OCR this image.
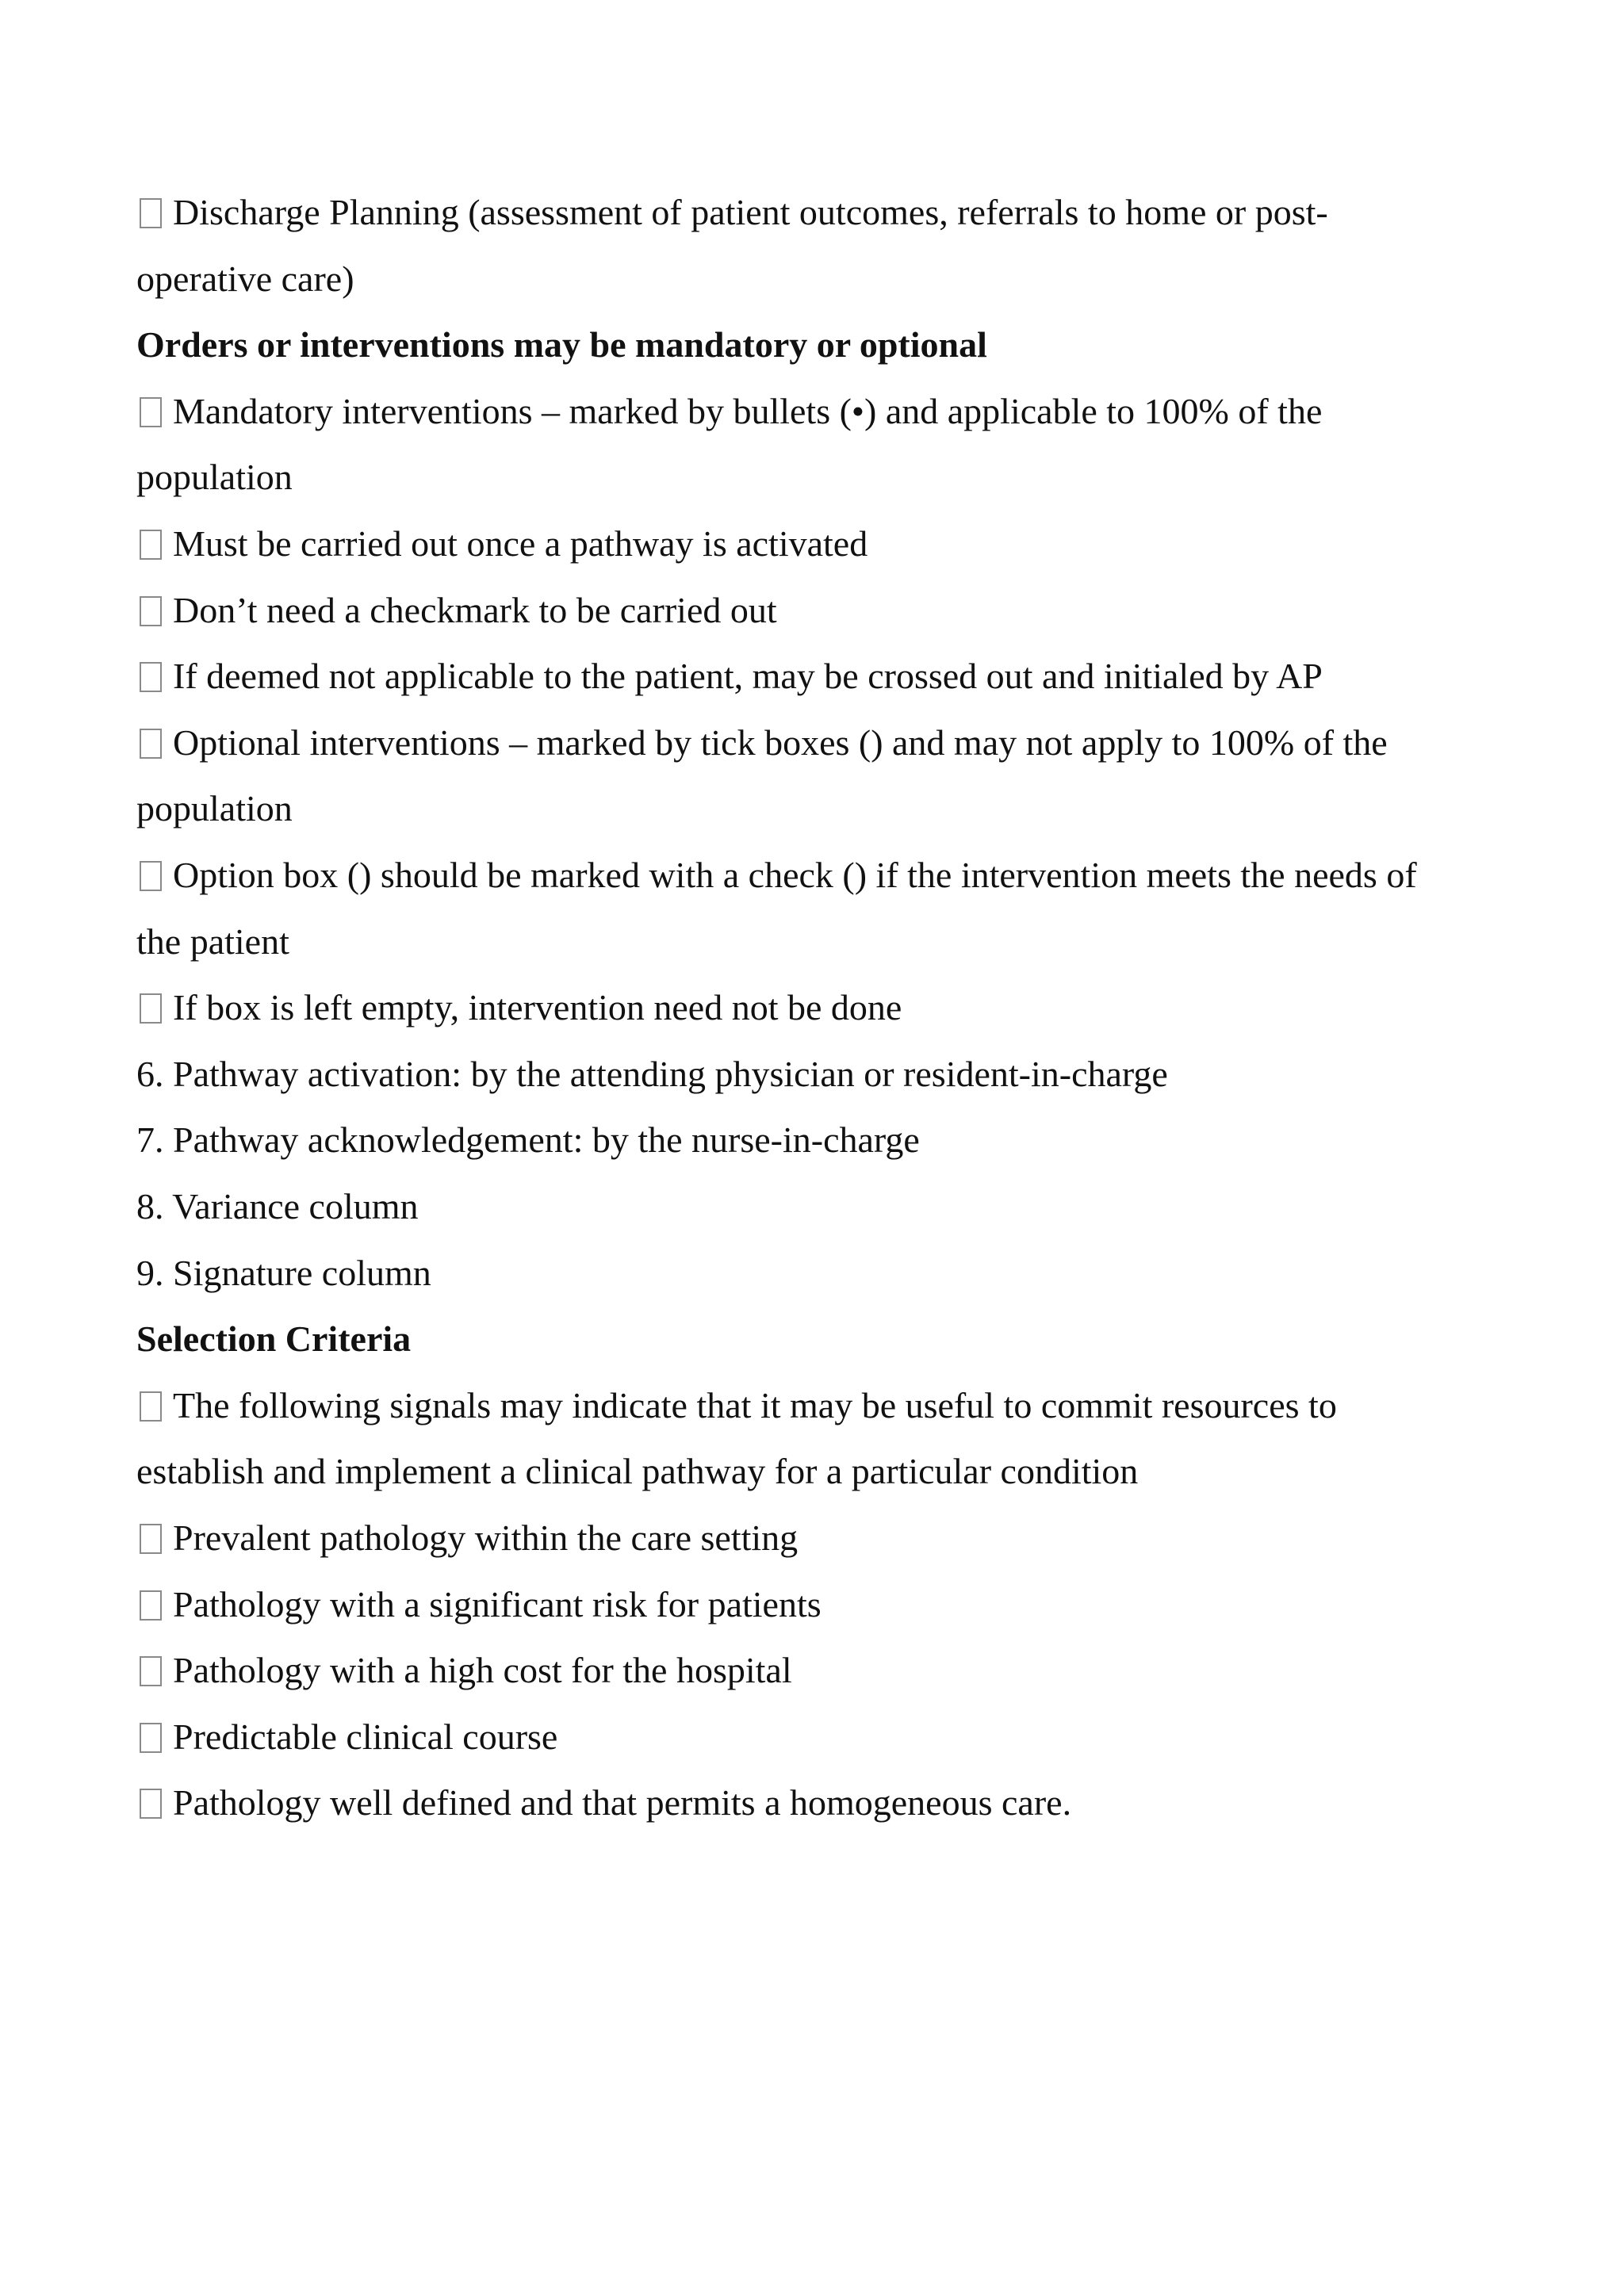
Discharge Planning (assessment of patient outcomes, referrals to home or post-
operative care)
Orders or interventions may be mandatory or optional
Mandatory interventions – marked by bullets (•) and applicable to 100% of the
population
Must be carried out once a pathway is activated
Don’t need a checkmark to be carried out
If deemed not applicable to the patient, may be crossed out and initialed by AP
Optional interventions – marked by tick boxes () and may not apply to 100% of the
population
Option box () should be marked with a check () if the intervention meets the needs of
the patient
If box is left empty, intervention need not be done
6. Pathway activation: by the attending physician or resident-in-charge
7. Pathway acknowledgement: by the nurse-in-charge
8. Variance column
9. Signature column
Selection Criteria
The following signals may indicate that it may be useful to commit resources to
establish and implement a clinical pathway for a particular condition
Prevalent pathology within the care setting
Pathology with a significant risk for patients
Pathology with a high cost for the hospital
Predictable clinical course
Pathology well defined and that permits a homogeneous care.
